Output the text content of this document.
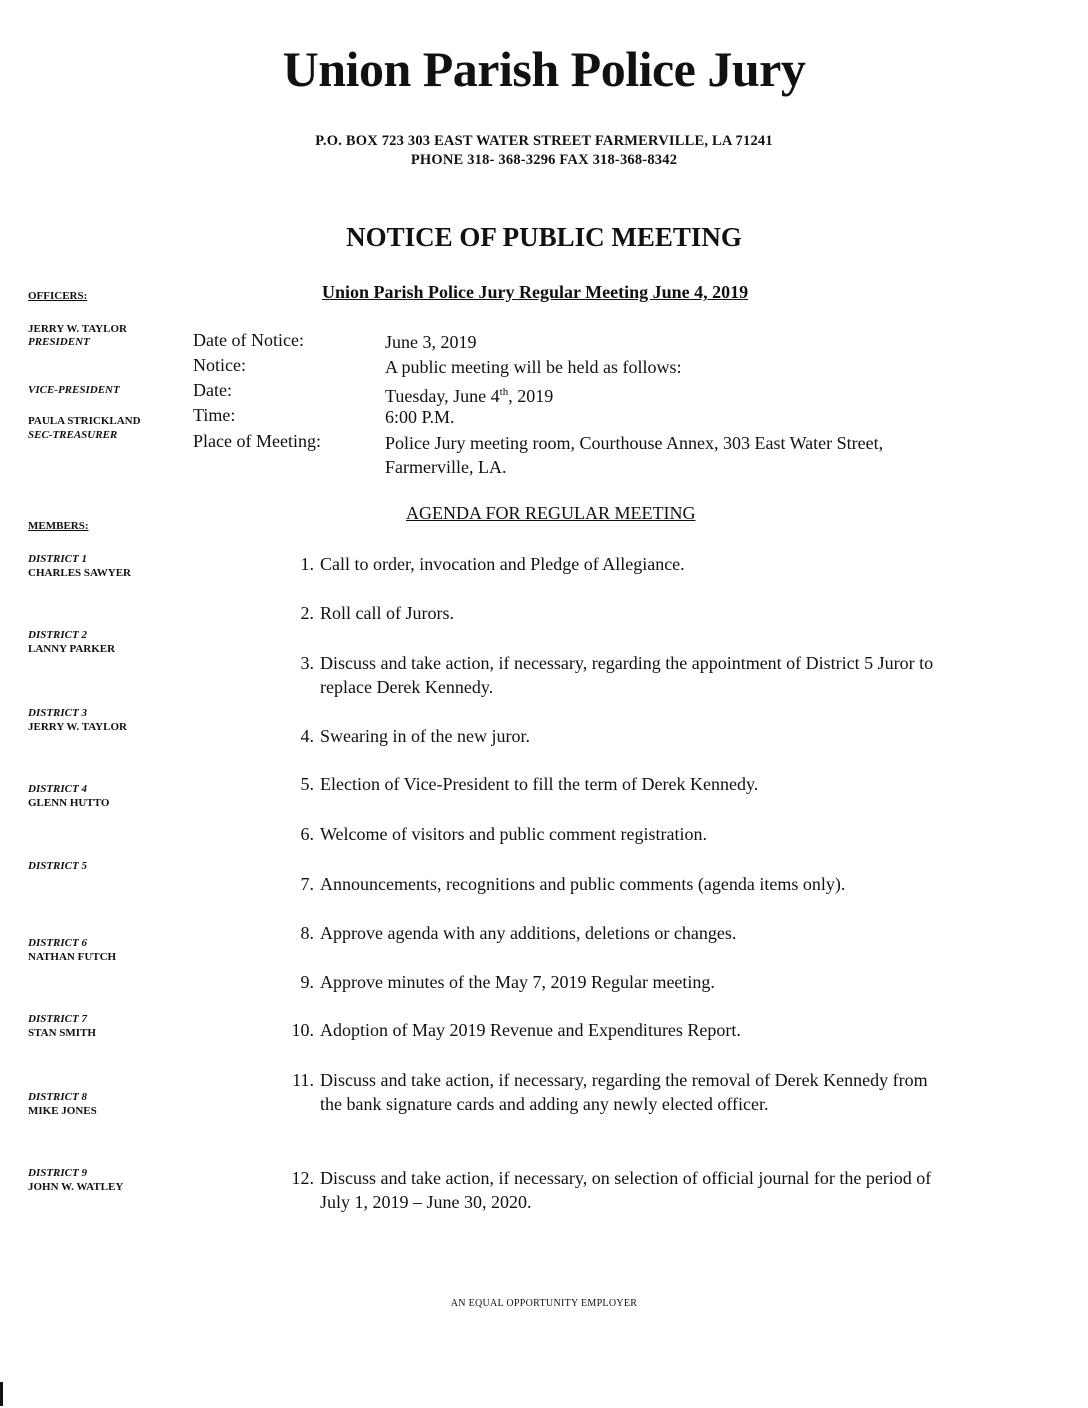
Union Parish Police Jury
P.O. BOX 723 303 EAST WATER STREET FARMERVILLE, LA 71241
PHONE 318- 368-3296 FAX 318-368-8342
NOTICE OF PUBLIC MEETING
Union Parish Police Jury Regular Meeting June 4, 2019
OFFICERS:
JERRY W. TAYLOR
PRESIDENT
VICE-PRESIDENT
PAULA STRICKLAND
SEC-TREASURER
MEMBERS:
DISTRICT 1
CHARLES SAWYER
DISTRICT 2
LANNY PARKER
DISTRICT 3
JERRY W. TAYLOR
DISTRICT 4
GLENN HUTTO
DISTRICT 5
DISTRICT 6
NATHAN FUTCH
DISTRICT 7
STAN SMITH
DISTRICT 8
MIKE JONES
DISTRICT 9
JOHN W. WATLEY
Date of Notice:	June 3, 2019
Notice:	A public meeting will be held as follows:
Date:	Tuesday, June 4th, 2019
Time:	6:00 P.M.
Place of Meeting:	Police Jury meeting room, Courthouse Annex, 303 East Water Street, Farmerville, LA.
AGENDA FOR REGULAR MEETING
1. Call to order, invocation and Pledge of Allegiance.
2. Roll call of Jurors.
3. Discuss and take action, if necessary, regarding the appointment of District 5 Juror to replace Derek Kennedy.
4. Swearing in of the new juror.
5. Election of Vice-President to fill the term of Derek Kennedy.
6. Welcome of visitors and public comment registration.
7. Announcements, recognitions and public comments (agenda items only).
8. Approve agenda with any additions, deletions or changes.
9. Approve minutes of the May 7, 2019 Regular meeting.
10. Adoption of May 2019 Revenue and Expenditures Report.
11. Discuss and take action, if necessary, regarding the removal of Derek Kennedy from the bank signature cards and adding any newly elected officer.
12. Discuss and take action, if necessary, on selection of official journal for the period of July 1, 2019 – June 30, 2020.
AN EQUAL OPPORTUNITY EMPLOYER
